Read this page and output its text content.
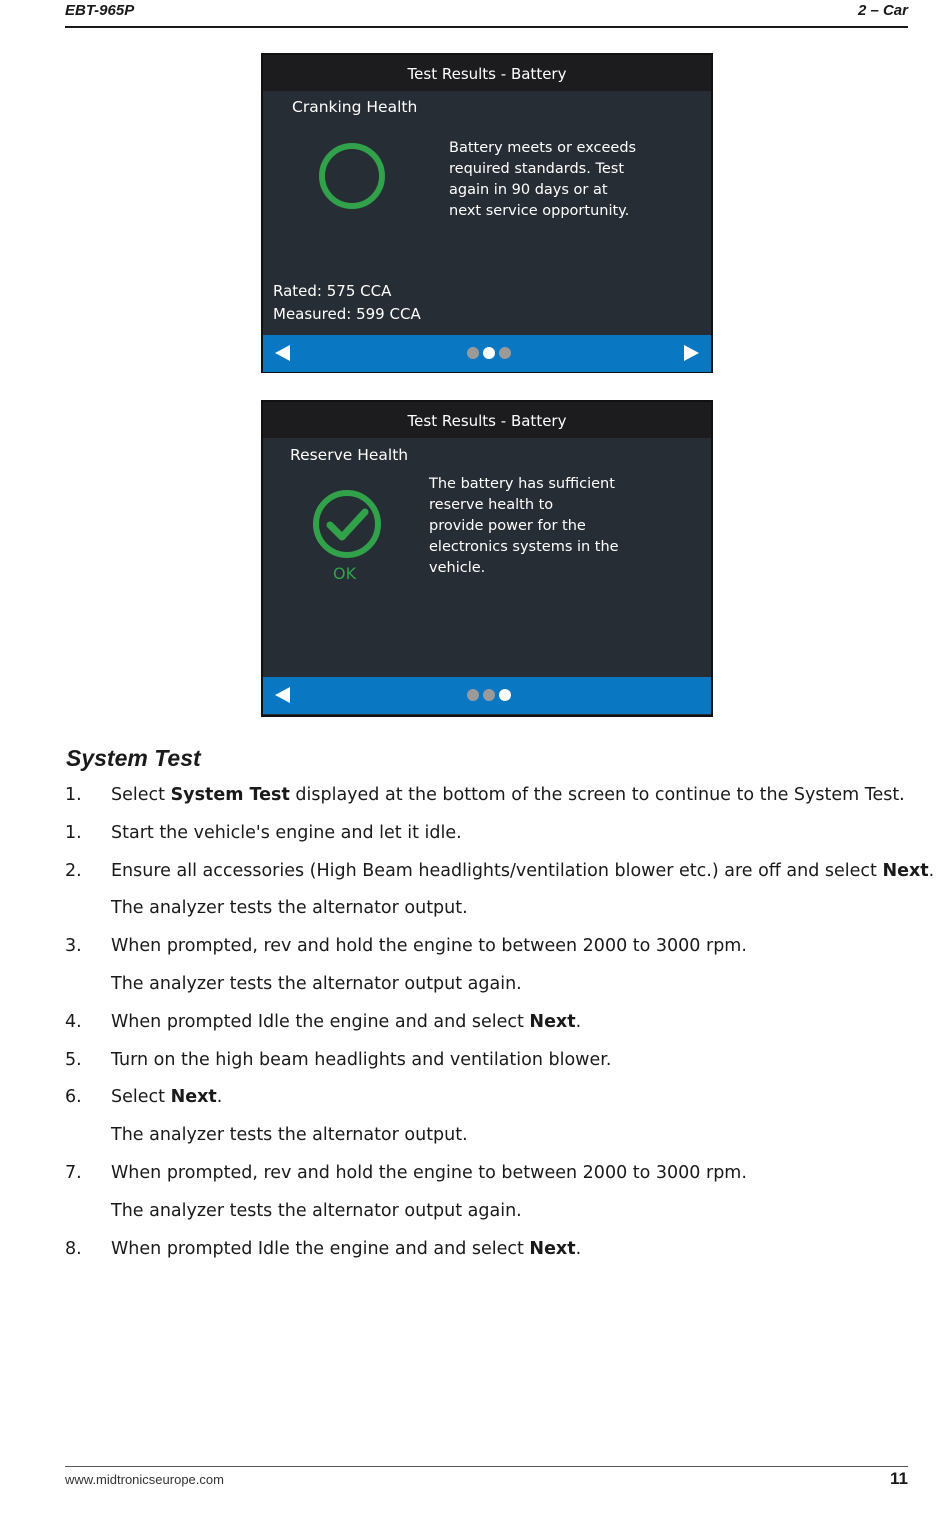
EBT-965P	2 – Car
Test Results - Battery
Cranking Health
Battery meets or exceeds
required standards. Test
again in 90 days or at
next service opportunity.
Rated: 575 CCA
Measured: 599 CCA
Test Results - Battery
Reserve Health
OK
The battery has sufficient
reserve health to
provide power for the
electronics systems in the
vehicle.
System Test
1. Select System Test displayed at the bottom of the screen to continue to the System Test.
1. Start the vehicle's engine and let it idle.
2. Ensure all accessories (High Beam headlights/ventilation blower etc.) are off and select Next.
The analyzer tests the alternator output.
3. When prompted, rev and hold the engine to between 2000 to 3000 rpm.
The analyzer tests the alternator output again.
4. When prompted Idle the engine and and select Next.
5. Turn on the high beam headlights and ventilation blower.
6. Select Next.
The analyzer tests the alternator output.
7. When prompted, rev and hold the engine to between 2000 to 3000 rpm.
The analyzer tests the alternator output again.
8. When prompted Idle the engine and and select Next.
www.midtronicseurope.com	11
